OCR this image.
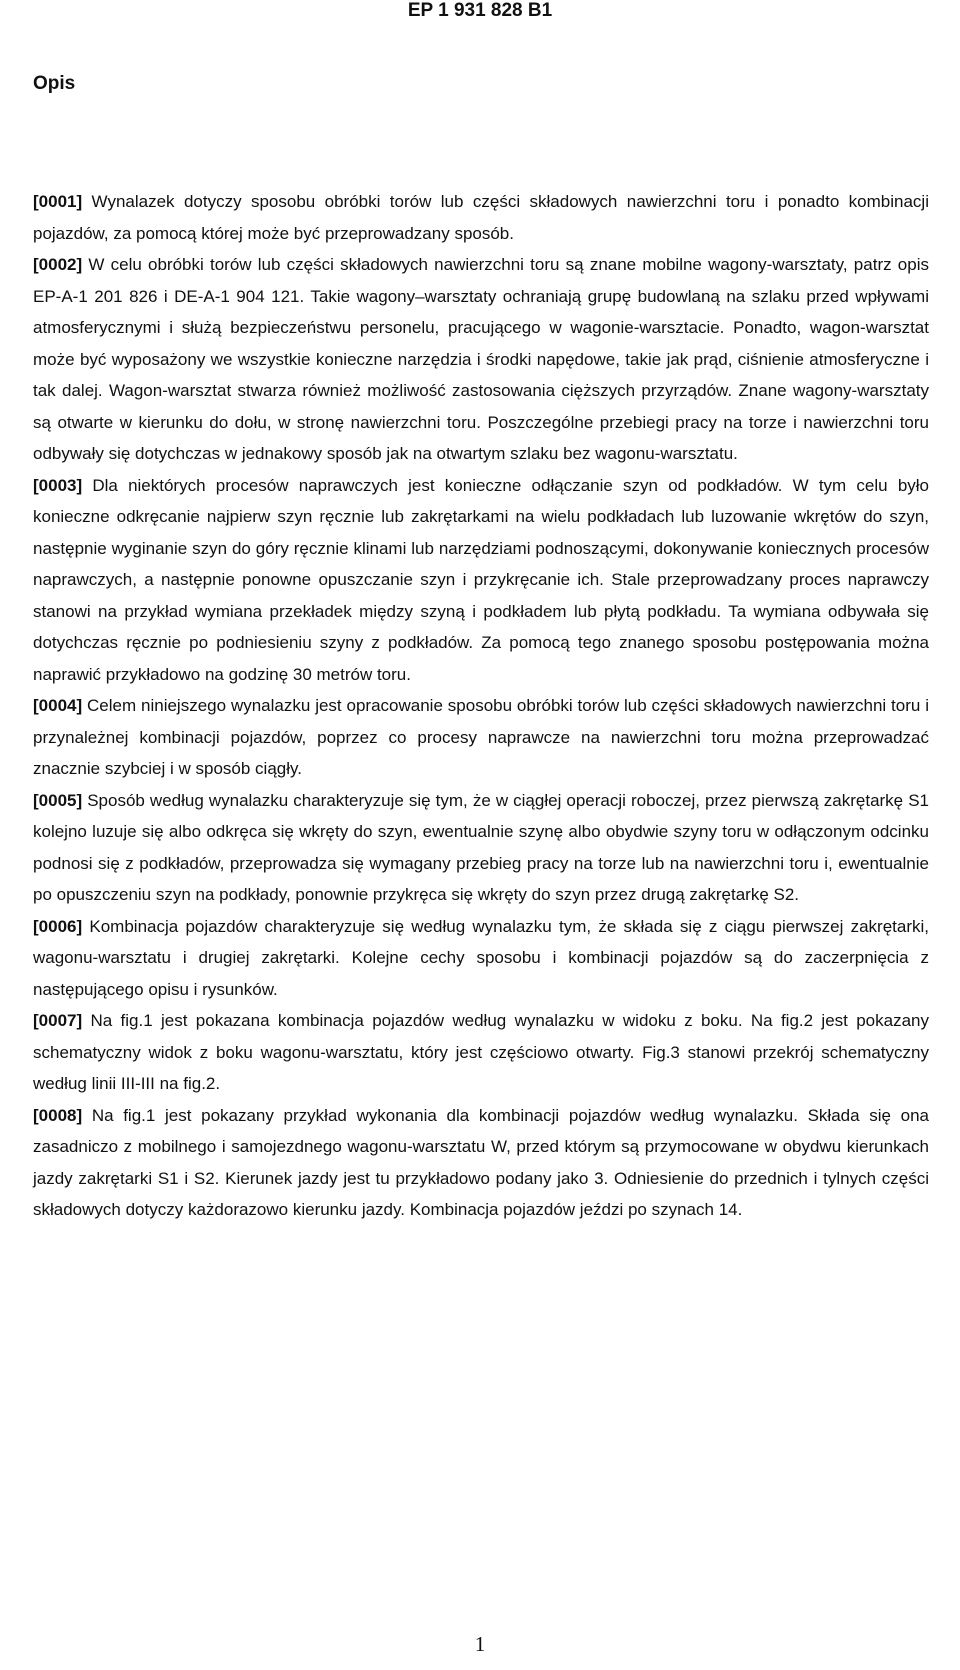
EP 1 931 828 B1
Opis

[0001] Wynalazek dotyczy sposobu obróbki torów lub części składowych nawierzchni toru i ponadto kombinacji pojazdów, za pomocą której może być przeprowadzany sposób.

[0002] W celu obróbki torów lub części składowych nawierzchni toru są znane mobilne wagony-warsztaty, patrz opis EP-A-1 201 826 i DE-A-1 904 121. Takie wagony–warsztaty ochraniają grupę budowlaną na szlaku przed wpływami atmosferycznymi i służą bezpieczeństwu personelu, pracującego w wagonie-warsztacie. Ponadto, wagon-warsztat może być wyposażony we wszystkie konieczne narzędzia i środki napędowe, takie jak prąd, ciśnienie atmosferyczne i tak dalej. Wagon-warsztat stwarza również możliwość zastosowania cięższych przyrządów. Znane wagony-warsztaty są otwarte w kierunku do dołu, w stronę nawierzchni toru. Poszczególne przebiegi pracy na torze i nawierzchni toru odbywały się dotychczas w jednakowy sposób jak na otwartym szlaku bez wagonu-warsztatu.

[0003] Dla niektórych procesów naprawczych jest konieczne odłączanie szyn od podkładów. W tym celu było konieczne odkręcanie najpierw szyn ręcznie lub zakrętarkami na wielu podkładach lub luzowanie wkrętów do szyn, następnie wyginanie szyn do góry ręcznie klinami lub narzędziami podnoszącymi, dokonywanie koniecznych procesów naprawczych, a następnie ponowne opuszczanie szyn i przykręcanie ich. Stale przeprowadzany proces naprawczy stanowi na przykład wymiana przekładek między szyną i podkładem lub płytą podkładu. Ta wymiana odbywała się dotychczas ręcznie po podniesieniu szyny z podkładów. Za pomocą tego znanego sposobu postępowania można naprawić przykładowo na godzinę 30 metrów toru.

[0004] Celem niniejszego wynalazku jest opracowanie sposobu obróbki torów lub części składowych nawierzchni toru i przynależnej kombinacji pojazdów, poprzez co procesy naprawcze na nawierzchni toru można przeprowadzać znacznie szybciej i w sposób ciągły.

[0005] Sposób według wynalazku charakteryzuje się tym, że w ciągłej operacji roboczej, przez pierwszą zakrętarkę S1 kolejno luzuje się albo odkręca się wkręty do szyn, ewentualnie szynę albo obydwie szyny toru w odłączonym odcinku podnosi się z podkładów, przeprowadza się wymagany przebieg pracy na torze lub na nawierzchni toru i, ewentualnie po opuszczeniu szyn na podkłady, ponownie przykręca się wkręty do szyn przez drugą zakrętarkę S2.

[0006] Kombinacja pojazdów charakteryzuje się według wynalazku tym, że składa się z ciągu pierwszej zakrętarki, wagonu-warsztatu i drugiej zakrętarki. Kolejne cechy sposobu i kombinacji pojazdów są do zaczerpnięcia z następującego opisu i rysunków.

[0007] Na fig.1 jest pokazana kombinacja pojazdów według wynalazku w widoku z boku. Na fig.2 jest pokazany schematyczny widok z boku wagonu-warsztatu, który jest częściowo otwarty. Fig.3 stanowi przekrój schematyczny według linii III-III na fig.2.

[0008] Na fig.1 jest pokazany przykład wykonania dla kombinacji pojazdów według wynalazku. Składa się ona zasadniczo z mobilnego i samojezdnego wagonu-warsztatu W, przed którym są przymocowane w obydwu kierunkach jazdy zakrętarki S1 i S2. Kierunek jazdy jest tu przykładowo podany jako 3. Odniesienie do przednich i tylnych części składowych dotyczy każdorazowo kierunku jazdy. Kombinacja pojazdów jeździ po szynach 14.

1
